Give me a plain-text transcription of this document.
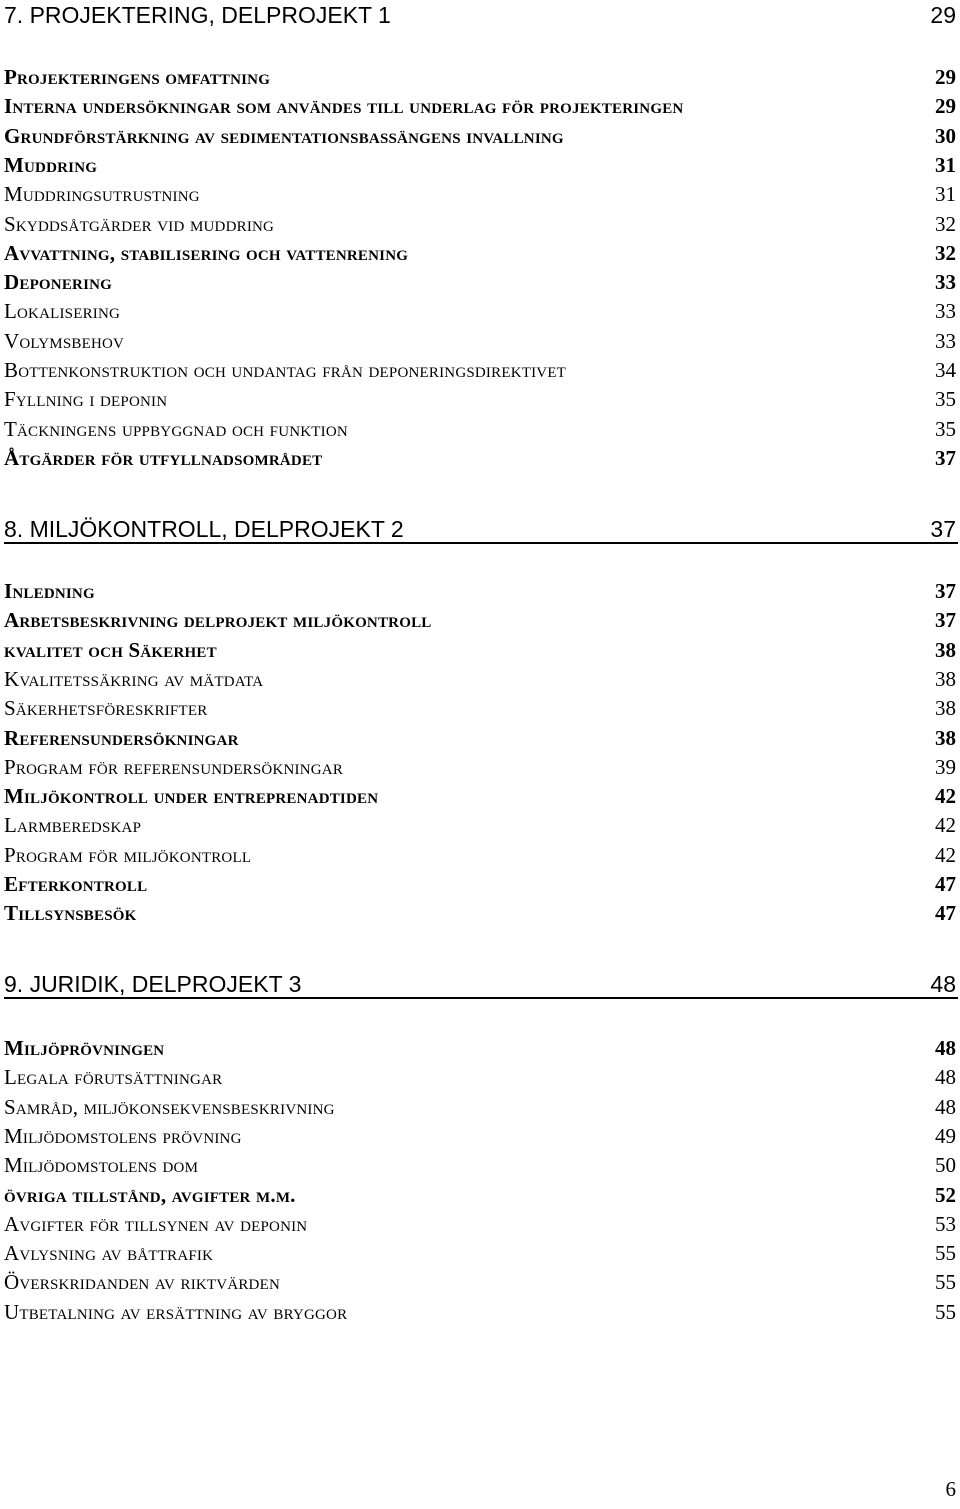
7. PROJEKTERING, DELPROJEKT 1	29
Projekteringens omfattning	29
Interna undersökningar som användes till underlag för projekteringen	29
Grundförstärkning av sedimentationsbassängens invallning	30
Muddring	31
Muddringsutrustning	31
Skyddsåtgärder vid muddring	32
Avvattning, stabilisering och vattenrening	32
Deponering	33
Lokalisering	33
Volymsbehov	33
Bottenkonstruktion och undantag från deponeringsdirektivet	34
Fyllning i deponin	35
Täckningens uppbyggnad och funktion	35
Åtgärder för utfyllnadsområdet	37
8. MILJÖKONTROLL, DELPROJEKT 2	37
Inledning	37
Arbetsbeskrivning delprojekt miljökontroll	37
kvalitet och Säkerhet	38
Kvalitetssäkring av mätdata	38
Säkerhetsföreskrifter	38
Referensundersökningar	38
Program för referensundersökningar	39
Miljökontroll under entreprenadtiden	42
Larmberedskap	42
Program för miljökontroll	42
Efterkontroll	47
Tillsynsbesök	47
9. JURIDIK, DELPROJEKT 3	48
Miljöprövningen	48
Legala förutsättningar	48
Samråd, miljökonsekvensbeskrivning	48
Miljödomstolens prövning	49
Miljödomstolens dom	50
övriga tillstånd, avgifter m.m.	52
Avgifter för tillsynen av deponin	53
Avlysning av båttrafik	55
Överskridanden av riktvärden	55
Utbetalning av ersättning av bryggor	55
6
